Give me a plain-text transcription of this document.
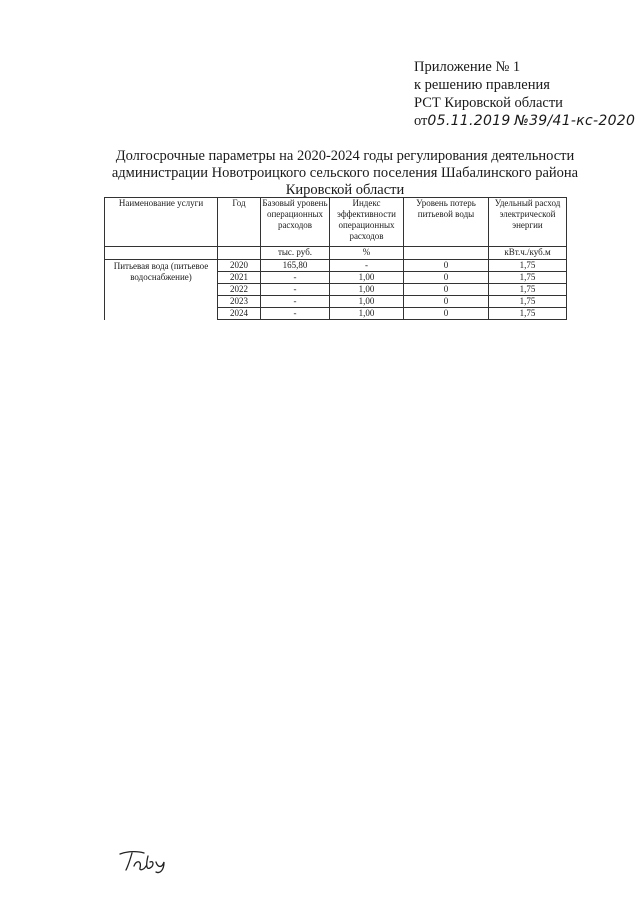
Приложение № 1
к решению правления
РСТ Кировской области
от05.11.2019 №39/41-кс-2020
Долгосрочные параметры на 2020-2024 годы регулирования деятельности
администрации Новотроицкого сельского поселения Шабалинского района
Кировской области
Наименование услуги	Год	Базовый уровень операционных расходов	Индекс эффективности операционных расходов	Уровень потерь питьевой воды	Удельный расход электрической энергии
		тыс. руб.	%		кВт.ч./куб.м
Питьевая вода (питьевое водоснабжение)	2020	165,80	-	0	1,75
	2021	-	1,00	0	1,75
	2022	-	1,00	0	1,75
	2023	-	1,00	0	1,75
	2024	-	1,00	0	1,75
